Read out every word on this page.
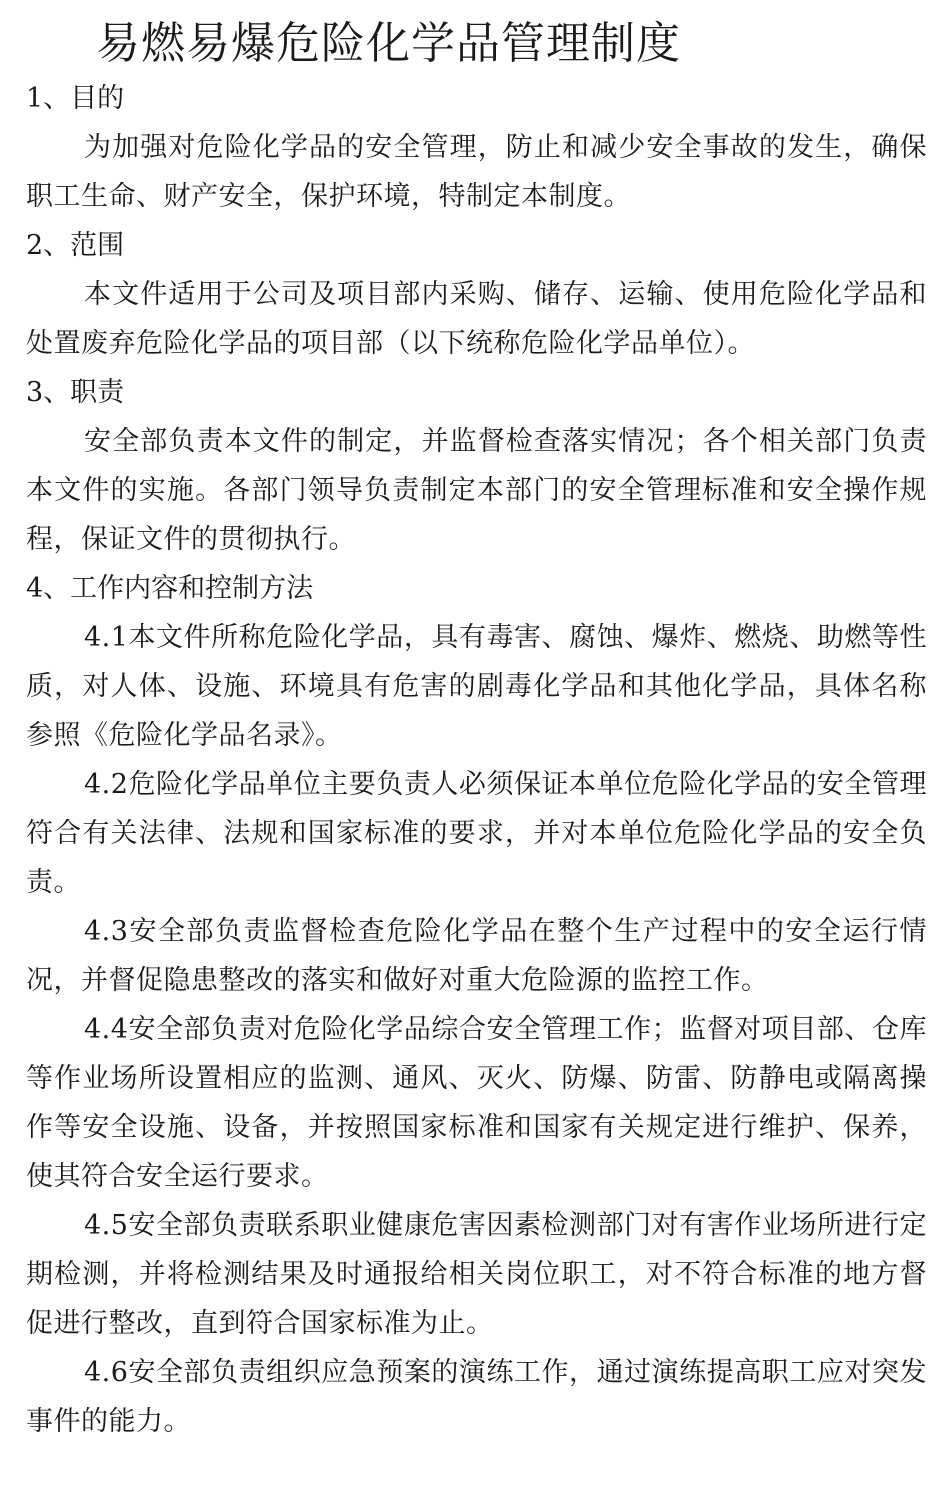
易燃易爆危险化学品管理制度
1、目的

为加强对危险化学品的安全管理，防止和减少安全事故的发生，确保职工生命、财产安全，保护环境，特制定本制度。

2、范围

本文件适用于公司及项目部内采购、储存、运输、使用危险化学品和处置废弃危险化学品的项目部（以下统称危险化学品单位）。

3、职责

安全部负责本文件的制定，并监督检查落实情况；各个相关部门负责本文件的实施。各部门领导负责制定本部门的安全管理标准和安全操作规程，保证文件的贯彻执行。

4、工作内容和控制方法

4.1本文件所称危险化学品，具有毒害、腐蚀、爆炸、燃烧、助燃等性质，对人体、设施、环境具有危害的剧毒化学品和其他化学品，具体名称参照《危险化学品名录》。

4.2危险化学品单位主要负责人必须保证本单位危险化学品的安全管理符合有关法律、法规和国家标准的要求，并对本单位危险化学品的安全负责。

4.3安全部负责监督检查危险化学品在整个生产过程中的安全运行情况，并督促隐患整改的落实和做好对重大危险源的监控工作。

4.4安全部负责对危险化学品综合安全管理工作；监督对项目部、仓库等作业场所设置相应的监测、通风、灭火、防爆、防雷、防静电或隔离操作等安全设施、设备，并按照国家标准和国家有关规定进行维护、保养，使其符合安全运行要求。

4.5安全部负责联系职业健康危害因素检测部门对有害作业场所进行定期检测，并将检测结果及时通报给相关岗位职工，对不符合标准的地方督促进行整改，直到符合国家标准为止。

4.6安全部负责组织应急预案的演练工作，通过演练提高职工应对突发事件的能力。
